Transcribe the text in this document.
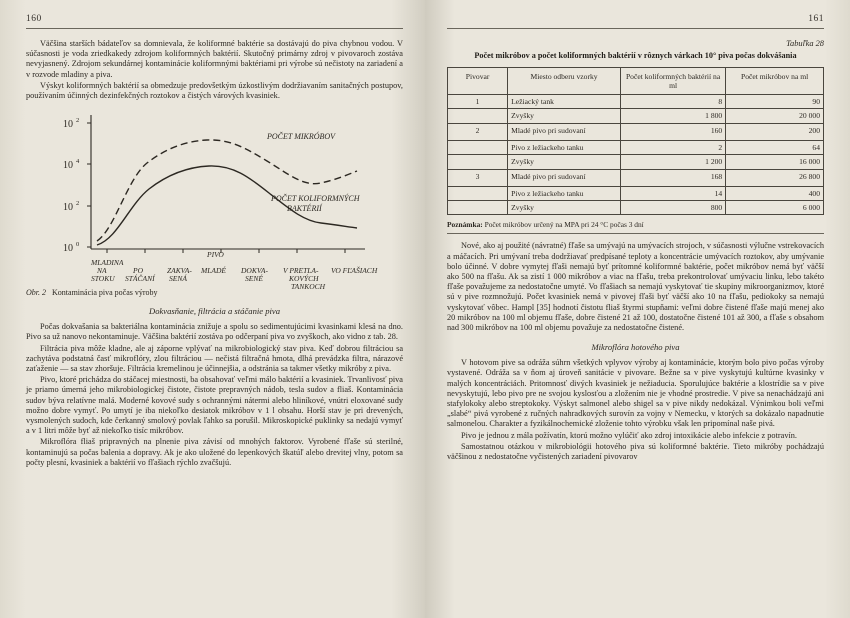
160

Väčšina starších bádateľov sa domnievala, že koliformné baktérie sa dostávajú do piva chybnou vodou. V súčasnosti je voda zriedkakedy zdrojom koliformných baktérií. Skutočný primárny zdroj v pivovaroch zostáva nevyjasnený. Zdrojom sekundárnej kontaminácie koliformnými baktériami pri výrobe sú nečistoty na zariadení a v rozvode mladiny a piva.

Výskyt koliformných baktérií sa obmedzuje predovšetkým úzkostlivým dodržiavaním sanitačných postupov, používaním účinných dezinfekčných roztokov a čistých várových kvasiniek.

10 2
10 4
10 2
10 0
POČET MIKRÓBOV
POČET KOLIFORMNÝCH
BAKTÉRIÍ
MLADINA
NA
STOKU
PO
STÁČANÍ
ZAKVA-
SENÁ
PIVO
MLADÉ DOKVA-
SENÉ
V PRETLA-
KOVÝCH
TANKOCH
VO FĽAŠIACH
Obr. 2 Kontaminácia piva počas výroby
Dokvasňanie, filtrácia a stáčanie piva

Počas dokvašania sa bakteriálna kontaminácia znižuje a spolu so sedimentujúcimi kvasinkami klesá na dno. Pivo sa už nanovo nekontaminuje. Väčšina baktérií zostáva po odčerpaní piva vo zvyškoch, ako vidno z tab. 28.

Filtrácia piva môže kladne, ale aj záporne vplývať na mikrobiologický stav piva. Keď dobrou filtráciou sa zachytáva podstatná časť mikroflóry, zlou filtráciou — nečistá filtračná hmota, dlhá prevádzka filtra, nárazové zaťaženie — sa stav zhoršuje. Filtrácia kremelinou je účinnejšia, a odstránia sa takmer všetky mikróby z piva.

Pivo, ktoré prichádza do stáčacej miestnosti, ba obsahovať veľmi málo baktérií a kvasiniek. Trvanlivosť piva je priamo úmerná jeho mikrobiologickej čistote, čistote prepravných nádob, tesla sudov a fliaš. Kontaminácia sudov býva relatívne malá. Moderné kovové sudy s ochrannými nátermi alebo hliníkové, vnútri eloxované sudy možno dobre vymyť. Po umytí je iba niekoľko desiatok mikróbov v 1 l obsahu. Horší stav je pri drevených, vysmolených sudoch, kde čerkanný smolový povlak ľahko sa porušil. Mikroskopické puklinky sa nedajú vymyť a v 1 litri môže byť až niekoľko tisíc mikróbov.

Mikroflóra fliaš pripravných na plnenie piva závisí od mnohých faktorov. Vyrobené fľaše sú sterilné, kontaminujú sa počas balenia a dopravy. Ak je ako uložené do lepenkových škatúľ alebo drevitej vlny, potom sa počty plesní, kvasiniek a baktérií vo fľašiach rýchlo zvačšujú.

161
Tabuľka 28
Počet mikróbov a počet koliformných baktérií v rôznych várkach 10° piva počas dokvášania
Pivovar	Miesto odberu vzorky	Počet koliformných baktérií na ml	Počet mikróbov na ml
1	Ležiacký tank	8	90
	Zvyšky	1 800	20 000
2	Mladé pivo pri sudovaní	160	200
	Pivo z ležiackeho tanku	2	64
	Zvyšky	1 200	16 000
3	Mladé pivo pri sudovaní	168	26 800
	Pivo z ležiackeho tanku	14	400
	Zvyšky	800	6 000
Poznámka: Počet mikróbov určený na MPA pri 24 °C počas 3 dní

Nové, ako aj použité (návratné) fľaše sa umývajú na umývacích strojoch, v súčasnosti výlučne vstrekovacích a máčacích. Pri umývaní treba dodržiavať predpísané teploty a koncentrácie umývacích roztokov, aby umývanie bolo účinné. V dobre vymytej fľaši nemajú byť prítomné koliformné baktérie, počet mikróbov nemá byť väčší ako 500 na fľašu. Ak sa zistí 1 000 mikróbov a viac na fľašu, treba prekontrolovať umývaciu linku, lebo takéto fľaše považujeme za nedostatočne umyté. Vo fľašiach sa nemajú vyskytovať tie skupiny mikroorganizmov, ktoré sú v pive rozmnožujú. Počet kvasiniek nemá v pivovej fľaši byť väčší ako 10 na fľašu, pediokoky sa nemajú vyskytovať vôbec. Hampl [35] hodnotí čistotu fliaš štyrmi stupňami: veľmi dobre čistené fľaše majú menej ako 20 mikróbov na 100 ml objemu fľaše, dobre čistené 21 až 100, dostatočne čistené 101 až 300, a fľaše s obsahom nad 300 mikróbov na 100 ml objemu považuje za nedostatočne čistené.

Mikroflóra hotového piva

V hotovom pive sa odráža súhrn všetkých vplyvov výroby aj kontaminácie, ktorým bolo pivo počas výroby vystavené. Odráža sa v ňom aj úroveň sanitácie v pivovare. Bežne sa v pive vyskytujú kultúrne kvasinky v malých koncentráciách. Pritomnosť divých kvasiniek je nežiaducia. Sporulujúce baktérie a klostrídie sa v pive nevyskytujú, lebo pivo pre ne svojou kyslosťou a zložením nie je vhodné prostredie. V pive sa nenachádzajú ani stafylokoky alebo streptokoky. Výskyt salmonel alebo shigel sa v pive nikdy nedokázal. Výnimkou boli veľmi „slabé“ pivá vyrobené z ručných nahradkových surovín za vojny v Nemecku, v ktorých sa dokázalo napadnutie salmonelou. Charakter a fyzikálnochemické zloženie tohto výrobku však len pripomínal naše pivá.

Pivo je jednou z mála požívatín, ktorú možno vylúčiť ako zdroj intoxikácie alebo infekcie z potravín.

Samostatnou otázkou v mikrobiológii hotového piva sú koliformné baktérie. Tieto mikróby pochádzajú väčšinou z nedostatočne vyčistených zariadení pivovarov
